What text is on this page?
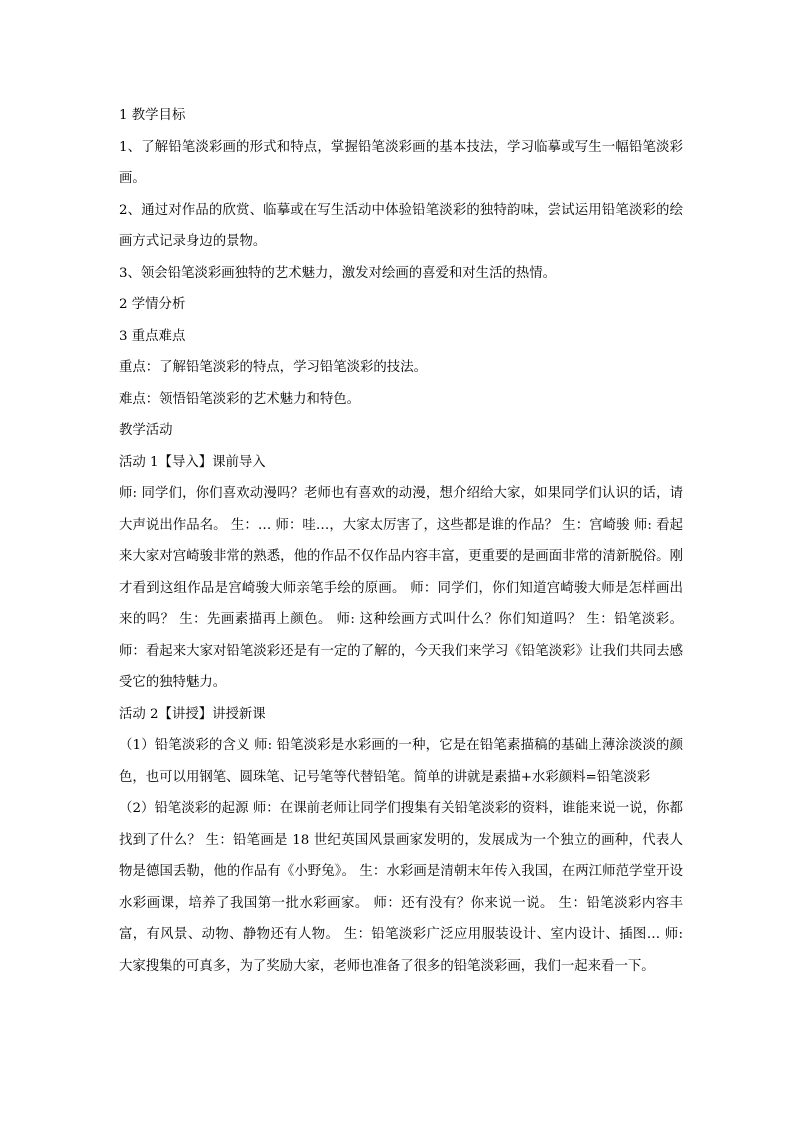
1 教学目标

1、了解铅笔淡彩画的形式和特点，掌握铅笔淡彩画的基本技法，学习临摹或写生一幅铅笔淡彩画。

2、通过对作品的欣赏、临摹或在写生活动中体验铅笔淡彩的独特韵味，尝试运用铅笔淡彩的绘画方式记录身边的景物。

3、领会铅笔淡彩画独特的艺术魅力，激发对绘画的喜爱和对生活的热情。

2 学情分析

3 重点难点

重点：了解铅笔淡彩的特点，学习铅笔淡彩的技法。

难点：领悟铅笔淡彩的艺术魅力和特色。

教学活动

活动 1【导入】课前导入

师: 同学们，你们喜欢动漫吗？老师也有喜欢的动漫，想介绍给大家，如果同学们认识的话，请大声说出作品名。 生：… 师：哇…，大家太厉害了，这些都是谁的作品？ 生：宫崎骏 师: 看起来大家对宫崎骏非常的熟悉，他的作品不仅作品内容丰富，更重要的是画面非常的清新脱俗。刚才看到这组作品是宫崎骏大师亲笔手绘的原画。 师：同学们，你们知道宫崎骏大师是怎样画出来的吗？ 生：先画素描再上颜色。 师: 这种绘画方式叫什么？你们知道吗？ 生：铅笔淡彩。 师：看起来大家对铅笔淡彩还是有一定的了解的，今天我们来学习《铅笔淡彩》让我们共同去感受它的独特魅力。

活动 2【讲授】讲授新课

（1）铅笔淡彩的含义 师: 铅笔淡彩是水彩画的一种，它是在铅笔素描稿的基础上薄涂淡淡的颜色，也可以用钢笔、圆珠笔、记号笔等代替铅笔。简单的讲就是素描+水彩颜料=铅笔淡彩

（2）铅笔淡彩的起源 师：在课前老师让同学们搜集有关铅笔淡彩的资料，谁能来说一说，你都找到了什么？ 生：铅笔画是 18 世纪英国风景画家发明的，发展成为一个独立的画种，代表人物是德国丢勒，他的作品有《小野兔》。 生：水彩画是清朝末年传入我国，在两江师范学堂开设水彩画课，培养了我国第一批水彩画家。 师：还有没有？你来说一说。 生：铅笔淡彩内容丰富，有风景、动物、静物还有人物。 生：铅笔淡彩广泛应用服装设计、室内设计、插图… 师: 大家搜集的可真多，为了奖励大家，老师也准备了很多的铅笔淡彩画，我们一起来看一下。
